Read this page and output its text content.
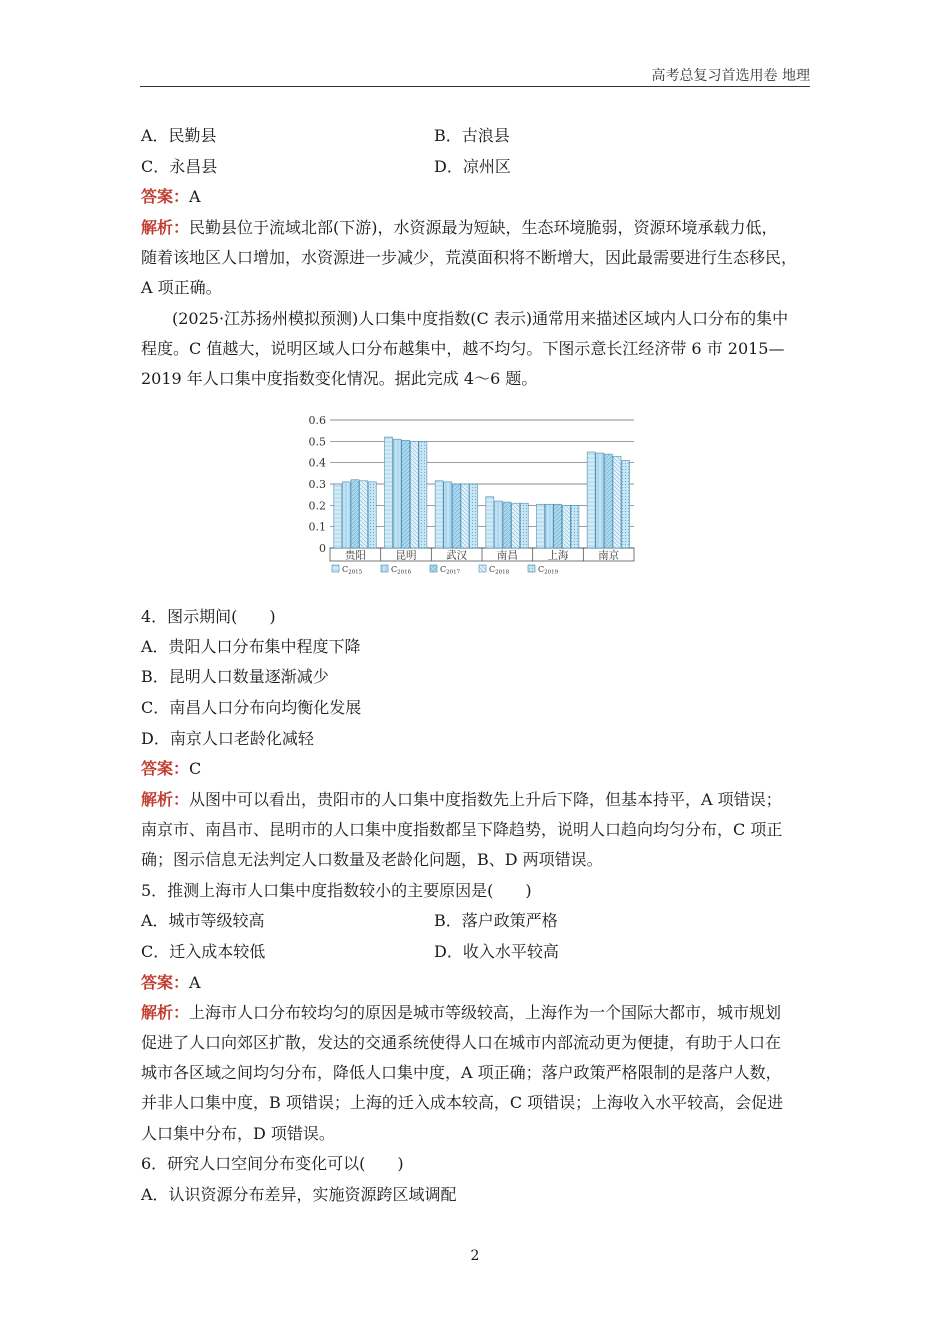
高考总复习首选用卷 地理
A．民勤县	B．古浪县
C．永昌县	D．凉州区
答案：A
解析：民勤县位于流域北部(下游)，水资源最为短缺，生态环境脆弱，资源环境承载力低，
随着该地区人口增加，水资源进一步减少，荒漠面积将不断增大，因此最需要进行生态移民，
A 项正确。
(2025·江苏扬州模拟预测)人口集中度指数(C 表示)通常用来描述区域内人口分布的集中
程度。C 值越大，说明区域人口分布越集中，越不均匀。下图示意长江经济带 6 市 2015—
2019 年人口集中度指数变化情况。据此完成 4～6 题。
0
0.1
0.2
0.3
0.4
0.5
0.6
贵阳	昆明	武汉	南昌	上海	南京
C2015	C2016	C2017	C2018	C2019
4．图示期间(　　)
A．贵阳人口分布集中程度下降
B．昆明人口数量逐渐减少
C．南昌人口分布向均衡化发展
D．南京人口老龄化减轻
答案：C
解析：从图中可以看出，贵阳市的人口集中度指数先上升后下降，但基本持平，A 项错误；
南京市、南昌市、昆明市的人口集中度指数都呈下降趋势，说明人口趋向均匀分布，C 项正
确；图示信息无法判定人口数量及老龄化问题，B、D 两项错误。
5．推测上海市人口集中度指数较小的主要原因是(　　)
A．城市等级较高	B．落户政策严格
C．迁入成本较低	D．收入水平较高
答案：A
解析：上海市人口分布较均匀的原因是城市等级较高，上海作为一个国际大都市，城市规划
促进了人口向郊区扩散，发达的交通系统使得人口在城市内部流动更为便捷，有助于人口在
城市各区域之间均匀分布，降低人口集中度，A 项正确；落户政策严格限制的是落户人数，
并非人口集中度，B 项错误；上海的迁入成本较高，C 项错误；上海收入水平较高，会促进
人口集中分布，D 项错误。
6．研究人口空间分布变化可以(　　)
A．认识资源分布差异，实施资源跨区域调配
2
